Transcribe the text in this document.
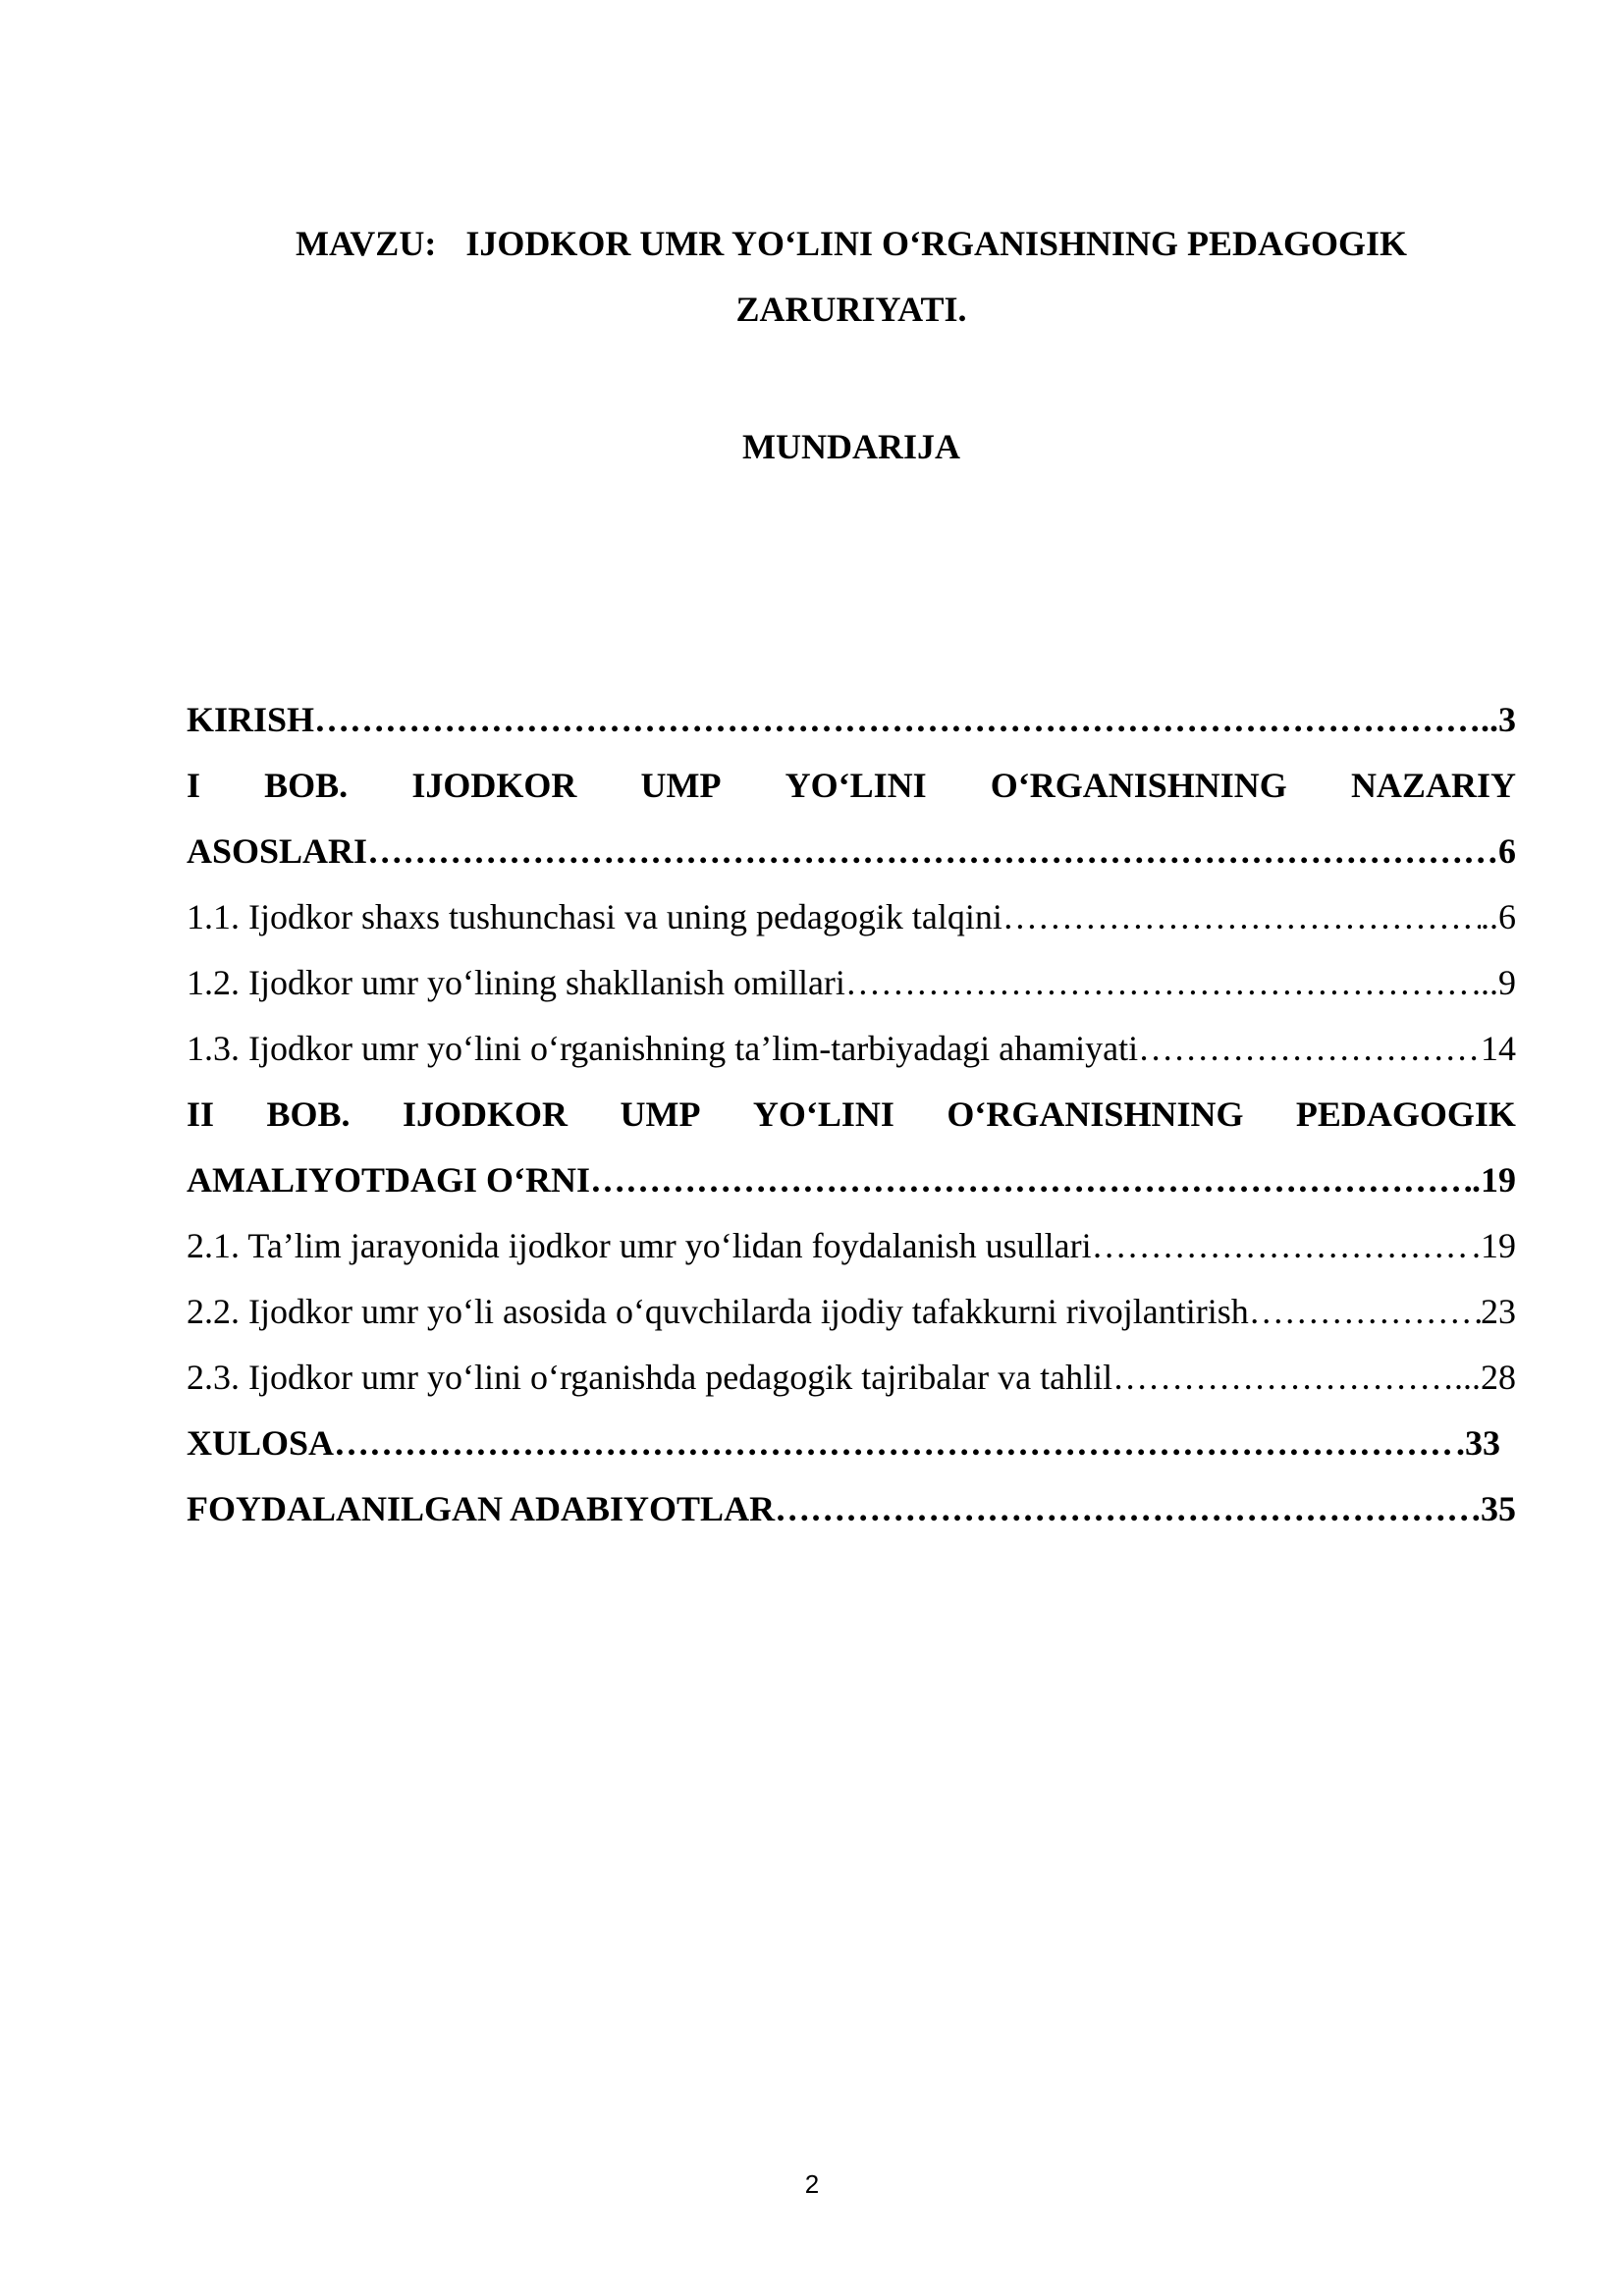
MAVZU: IJODKOR UMR YO‘LINI O‘RGANISHNING PEDAGOGIK
ZARURIYATI.
MUNDARIJA
KIRISH …………………………………………………………………………………………………………………………………………………………………………………………………………………………	..3
I BOB. IJODKOR UMP YO‘LINI O‘RGANISHNING NAZARIY
ASOSLARI …………………………………………………………………………………………………………………………………………………………………………………………………………………………	6
1.1. Ijodkor shaxs tushunchasi va uning pedagogik talqini …………………………………………………………………………………………………………………………………………………………………………………………………………………………	..6
1.2. Ijodkor umr yo‘lining shakllanish omillari …………………………………………………………………………………………………………………………………………………………………………………………………………………………	...9
1.3. Ijodkor umr yo‘lini o‘rganishning ta’lim-tarbiyadagi ahamiyati …………………………………………………………………………………………………………………………………………………………………………………………………………………………	14
II BOB. IJODKOR UMP YO‘LINI O‘RGANISHNING PEDAGOGIK
AMALIYOTDAGI O‘RNI …………………………………………………………………………………………………………………………………………………………………………………………………………………………	.19
2.1. Ta’lim jarayonida ijodkor umr yo‘lidan foydalanish usullari …………………………………………………………………………………………………………………………………………………………………………………………………………………………	.19
2.2. Ijodkor umr yo‘li asosida o‘quvchilarda ijodiy tafakkurni rivojlantirish …………………………………………………………………………………………………………………………………………………………………………………………………………………………	23
2.3. Ijodkor umr yo‘lini o‘rganishda pedagogik tajribalar va tahlil …………………………………………………………………………………………………………………………………………………………………………………………………………………………	...28
XULOSA …………………………………………………………………………………………………………………………………………………………………………………………………………………………	.33
FOYDALANILGAN ADABIYOTLAR …………………………………………………………………………………………………………………………………………………………………………………………………………………………	35
2
